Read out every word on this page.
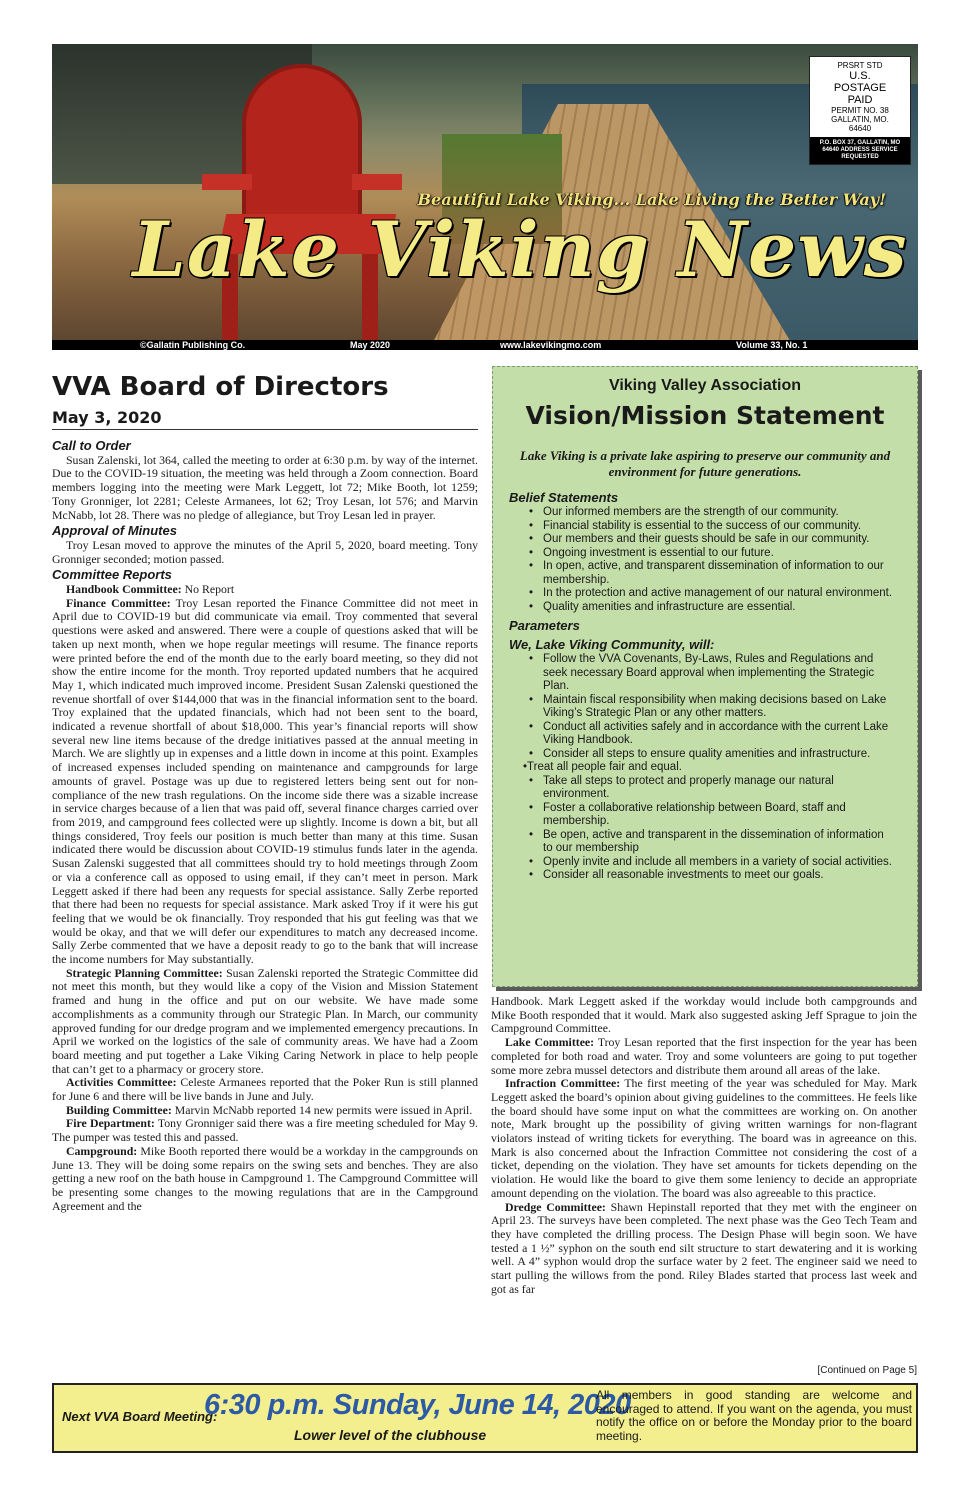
Beautiful Lake Viking... Lake Living the Better Way!
Lake Viking News
PRSRT STD
U.S.
POSTAGE
PAID
PERMIT NO. 38
GALLATIN, MO.
64640
P.O. BOX 37, GALLATIN, MO 64640 ADDRESS SERVICE REQUESTED
©Gallatin Publishing Co.	May 2020	www.lakevikingmo.com	Volume 33, No. 1
VVA Board of Directors
May 3, 2020
Call to Order

Susan Zalenski, lot 364, called the meeting to order at 6:30 p.m. by way of the internet. Due to the COVID-19 situation, the meeting was held through a Zoom connection. Board members logging into the meeting were Mark Leggett, lot 72; Mike Booth, lot 1259; Tony Gronniger, lot 2281; Celeste Armanees, lot 62; Troy Lesan, lot 576; and Marvin McNabb, lot 28. There was no pledge of allegiance, but Troy Lesan led in prayer.

Approval of Minutes

Troy Lesan moved to approve the minutes of the April 5, 2020, board meeting. Tony Gronniger seconded; motion passed.

Committee Reports

Handbook Committee: No Report

Finance Committee: Troy Lesan reported the Finance Committee did not meet in April due to COVID-19 but did communicate via email. Troy commented that several questions were asked and answered. There were a couple of questions asked that will be taken up next month, when we hope regular meetings will resume. The finance reports were printed before the end of the month due to the early board meeting, so they did not show the entire income for the month. Troy reported updated numbers that he acquired May 1, which indicated much improved income. President Susan Zalenski questioned the revenue shortfall of over $144,000 that was in the financial information sent to the board. Troy explained that the updated financials, which had not been sent to the board, indicated a revenue shortfall of about $18,000. This year’s financial reports will show several new line items because of the dredge initiatives passed at the annual meeting in March. We are slightly up in expenses and a little down in income at this point. Examples of increased expenses included spending on maintenance and campgrounds for large amounts of gravel. Postage was up due to registered letters being sent out for non-compliance of the new trash regulations. On the income side there was a sizable increase in service charges because of a lien that was paid off, several finance charges carried over from 2019, and campground fees collected were up slightly. Income is down a bit, but all things considered, Troy feels our position is much better than many at this time. Susan indicated there would be discussion about COVID-19 stimulus funds later in the agenda. Susan Zalenski suggested that all committees should try to hold meetings through Zoom or via a conference call as opposed to using email, if they can’t meet in person. Mark Leggett asked if there had been any requests for special assistance. Sally Zerbe reported that there had been no requests for special assistance. Mark asked Troy if it were his gut feeling that we would be ok financially. Troy responded that his gut feeling was that we would be okay, and that we will defer our expenditures to match any decreased income. Sally Zerbe commented that we have a deposit ready to go to the bank that will increase the income numbers for May substantially.

Strategic Planning Committee: Susan Zalenski reported the Strategic Committee did not meet this month, but they would like a copy of the Vision and Mission Statement framed and hung in the office and put on our website. We have made some accomplishments as a community through our Strategic Plan. In March, our community approved funding for our dredge program and we implemented emergency precautions. In April we worked on the logistics of the sale of community areas. We have had a Zoom board meeting and put together a Lake Viking Caring Network in place to help people that can’t get to a pharmacy or grocery store.

Activities Committee: Celeste Armanees reported that the Poker Run is still planned for June 6 and there will be live bands in June and July.

Building Committee: Marvin McNabb reported 14 new permits were issued in April.

Fire Department: Tony Gronniger said there was a fire meeting scheduled for May 9. The pumper was tested this and passed.

Campground: Mike Booth reported there would be a workday in the campgrounds on June 13. They will be doing some repairs on the swing sets and benches. They are also getting a new roof on the bath house in Campground 1. The Campground Committee will be presenting some changes to the mowing regulations that are in the Campground Agreement and the

Viking Valley Association
Vision/Mission Statement
Lake Viking is a private lake aspiring to preserve our community and environment for future generations.
Belief Statements
• Our informed members are the strength of our community.
• Financial stability is essential to the success of our community.
• Our members and their guests should be safe in our community.
• Ongoing investment is essential to our future.
• In open, active, and transparent dissemination of information to our membership.
• In the protection and active management of our natural environment.
• Quality amenities and infrastructure are essential.
Parameters
We, Lake Viking Community, will:
• Follow the VVA Covenants, By-Laws, Rules and Regulations and seek necessary Board approval when implementing the Strategic Plan.
• Maintain fiscal responsibility when making decisions based on Lake Viking’s Strategic Plan or any other matters.
• Conduct all activities safely and in accordance with the current Lake Viking Handbook.
• Consider all steps to ensure quality amenities and infrastructure.
•Treat all people fair and equal.
• Take all steps to protect and properly manage our natural environment.
• Foster a collaborative relationship between Board, staff and membership.
• Be open, active and transparent in the dissemination of information to our membership
• Openly invite and include all members in a variety of social activities.
• Consider all reasonable investments to meet our goals.

Handbook. Mark Leggett asked if the workday would include both campgrounds and Mike Booth responded that it would. Mark also suggested asking Jeff Sprague to join the Campground Committee.

Lake Committee: Troy Lesan reported that the first inspection for the year has been completed for both road and water. Troy and some volunteers are going to put together some more zebra mussel detectors and distribute them around all areas of the lake.

Infraction Committee: The first meeting of the year was scheduled for May. Mark Leggett asked the board’s opinion about giving guidelines to the committees. He feels like the board should have some input on what the committees are working on. On another note, Mark brought up the possibility of giving written warnings for non-flagrant violators instead of writing tickets for everything. The board was in agreeance on this. Mark is also concerned about the Infraction Committee not considering the cost of a ticket, depending on the violation. They have set amounts for tickets depending on the violation. He would like the board to give them some leniency to decide an appropriate amount depending on the violation. The board was also agreeable to this practice.

Dredge Committee: Shawn Hepinstall reported that they met with the engineer on April 23. The surveys have been completed. The next phase was the Geo Tech Team and they have completed the drilling process. The Design Phase will begin soon. We have tested a 1 ½” syphon on the south end silt structure to start dewatering and it is working well. A 4” syphon would drop the surface water by 2 feet. The engineer said we need to start pulling the willows from the pond. Riley Blades started that process last week and got as far

[Continued on Page 5]
Next VVA Board Meeting:
6:30 p.m. Sunday, June 14, 2020
Lower level of the clubhouse
All members in good standing are welcome and encouraged to attend. If you want on the agenda, you must notify the office on or before the Monday prior to the board meeting.
